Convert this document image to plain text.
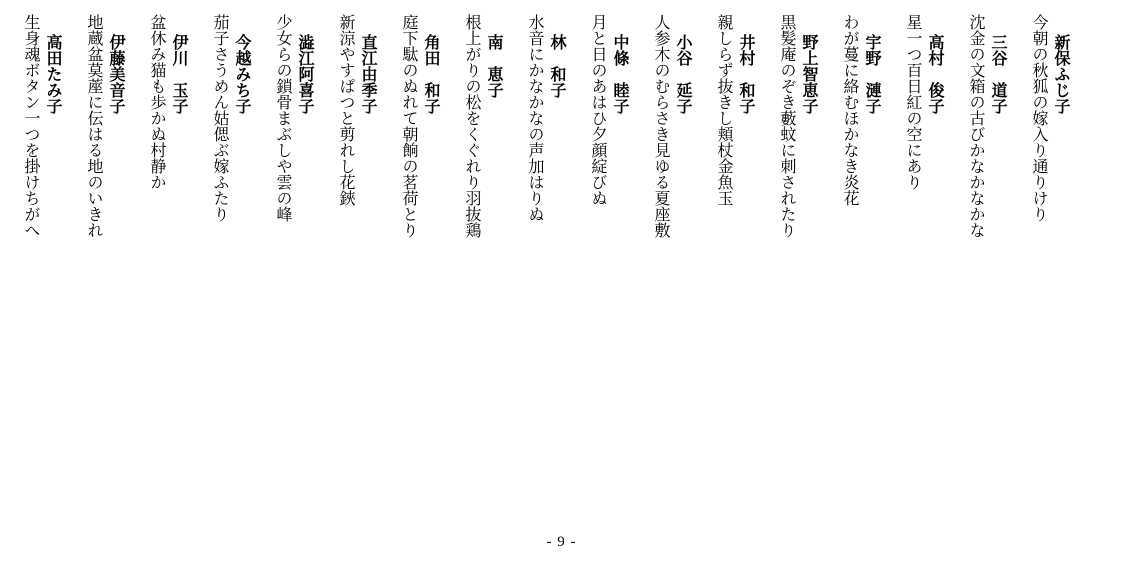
新保ふじ子
今朝の秋狐の嫁入り通りけり
三谷　道子
沈金の文箱の古びかなかなかな
高村　俊子
星一つ百日紅の空にあり
宇野　漣子
わが蔓に絡むほかなき炎花
野上智恵子
黒髪庵のぞき藪蚊に刺されたり
井村　和子
親しらず抜きし頬杖金魚玉
小谷　延子
人参木のむらさき見ゆる夏座敷
中條　睦子
月と日のあはひ夕顔綻びぬ
林　和子
水音にかなかなの声加はりぬ
南　恵子
根上がりの松をくぐれり羽抜鶏
角田　和子
庭下駄のぬれて朝餉の茗荷とり
直江由季子
新涼やすぱつと剪れし花鋏
澁江阿喜子
少女らの鎖骨まぶしや雲の峰
今越みち子
茄子さうめん姑偲ぶ嫁ふたり
伊川　玉子
盆休み猫も歩かぬ村静か
伊藤美音子
地蔵盆莫蓙に伝はる地のいきれ
高田たみ子
生身魂ボタン一つを掛けちがへ
- 9 -
